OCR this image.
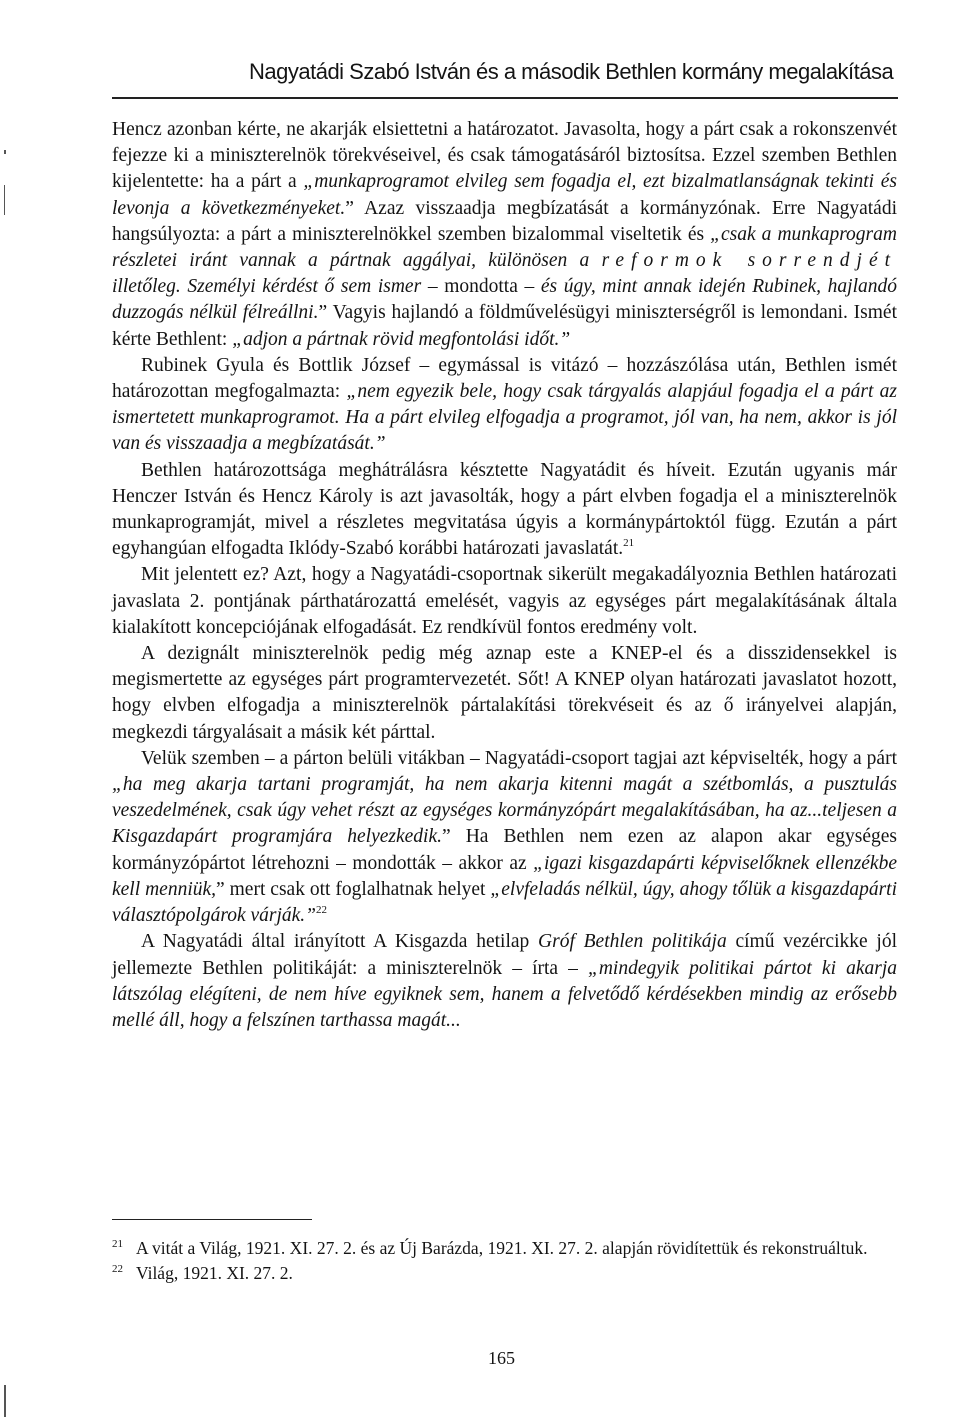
Nagyatádi Szabó István és a második Bethlen kormány megalakítása

Hencz azonban kérte, ne akarják elsiettetni a határozatot. Javasolta, hogy a párt csak a rokonszenvét fejezze ki a miniszterelnök törekvéseivel, és csak támogatásáról biztosítsa. Ezzel szemben Bethlen kijelentette: ha a párt a „munkaprogramot elvileg sem fogadja el, ezt bizalmatlanságnak tekinti és levonja a következményeket.” Azaz visszaadja megbízatását a kormányzónak. Erre Nagyatádi hangsúlyozta: a párt a miniszterelnökkel szemben bizalommal viseltetik és „csak a munkaprogram részletei iránt vannak a pártnak aggályai, különösen a reformok sorrendjét illetőleg. Személyi kérdést ő sem ismer – mondotta – és úgy, mint annak idején Rubinek, hajlandó duzzogás nélkül félreállni.” Vagyis hajlandó a földművelésügyi miniszterségről is lemondani. Ismét kérte Bethlent: „adjon a pártnak rövid megfontolási időt.”

Rubinek Gyula és Bottlik József – egymással is vitázó – hozzászólása után, Bethlen ismét határozottan megfogalmazta: „nem egyezik bele, hogy csak tárgyalás alapjául fogadja el a párt az ismertetett munkaprogramot. Ha a párt elvileg elfogadja a programot, jól van, ha nem, akkor is jól van és visszaadja a megbízatását.”

Bethlen határozottsága meghátrálásra késztette Nagyatádit és híveit. Ezután ugyanis már Henczer István és Hencz Károly is azt javasolták, hogy a párt elvben fogadja el a miniszterelnök munkaprogramját, mivel a részletes megvitatása úgyis a kormánypártoktól függ. Ezután a párt egyhangúan elfogadta Iklódy-Szabó korábbi határozati javaslatát.$^{21}$

Mit jelentett ez? Azt, hogy a Nagyatádi-csoportnak sikerült megakadályoznia Bethlen határozati javaslata 2. pontjának párthatározattá emelését, vagyis az egységes párt megalakításának általa kialakított koncepciójának elfogadását. Ez rendkívül fontos eredmény volt.

A dezignált miniszterelnök pedig még aznap este a KNEP-el és a disszidensekkel is megismertette az egységes párt programtervezetét. Sőt! A KNEP olyan határozati javaslatot hozott, hogy elvben elfogadja a miniszterelnök pártalakítási törekvéseit és az ő irányelvei alapján, megkezdi tárgyalásait a másik két párttal.

Velük szemben – a párton belüli vitákban – Nagyatádi-csoport tagjai azt képviselték, hogy a párt „ha meg akarja tartani programját, ha nem akarja kitenni magát a szétbomlás, a pusztulás veszedelmének, csak úgy vehet részt az egységes kormányzópárt megalakításában, ha az...teljesen a Kisgazdapárt programjára helyezkedik.” Ha Bethlen nem ezen az alapon akar egységes kormányzópártot létrehozni – mondották – akkor az „igazi kisgazdapárti képviselőknek ellenzékbe kell menniük,” mert csak ott foglalhatnak helyet „elvfeladás nélkül, úgy, ahogy tőlük a kisgazdapárti választópolgárok várják.”$^{22}$

A Nagyatádi által irányított A Kisgazda hetilap Gróf Bethlen politikája című vezércikke jól jellemezte Bethlen politikáját: a miniszterelnök – írta – „mindegyik politikai pártot ki akarja látszólag elégíteni, de nem híve egyiknek sem, hanem a felvetődő kérdésekben mindig az erősebb mellé áll, hogy a felszínen tarthassa magát...

21 A vitát a Világ, 1921. XI. 27. 2. és az Új Barázda, 1921. XI. 27. 2. alapján rövidítettük és rekonstruáltuk.
22 Világ, 1921. XI. 27. 2.
165
